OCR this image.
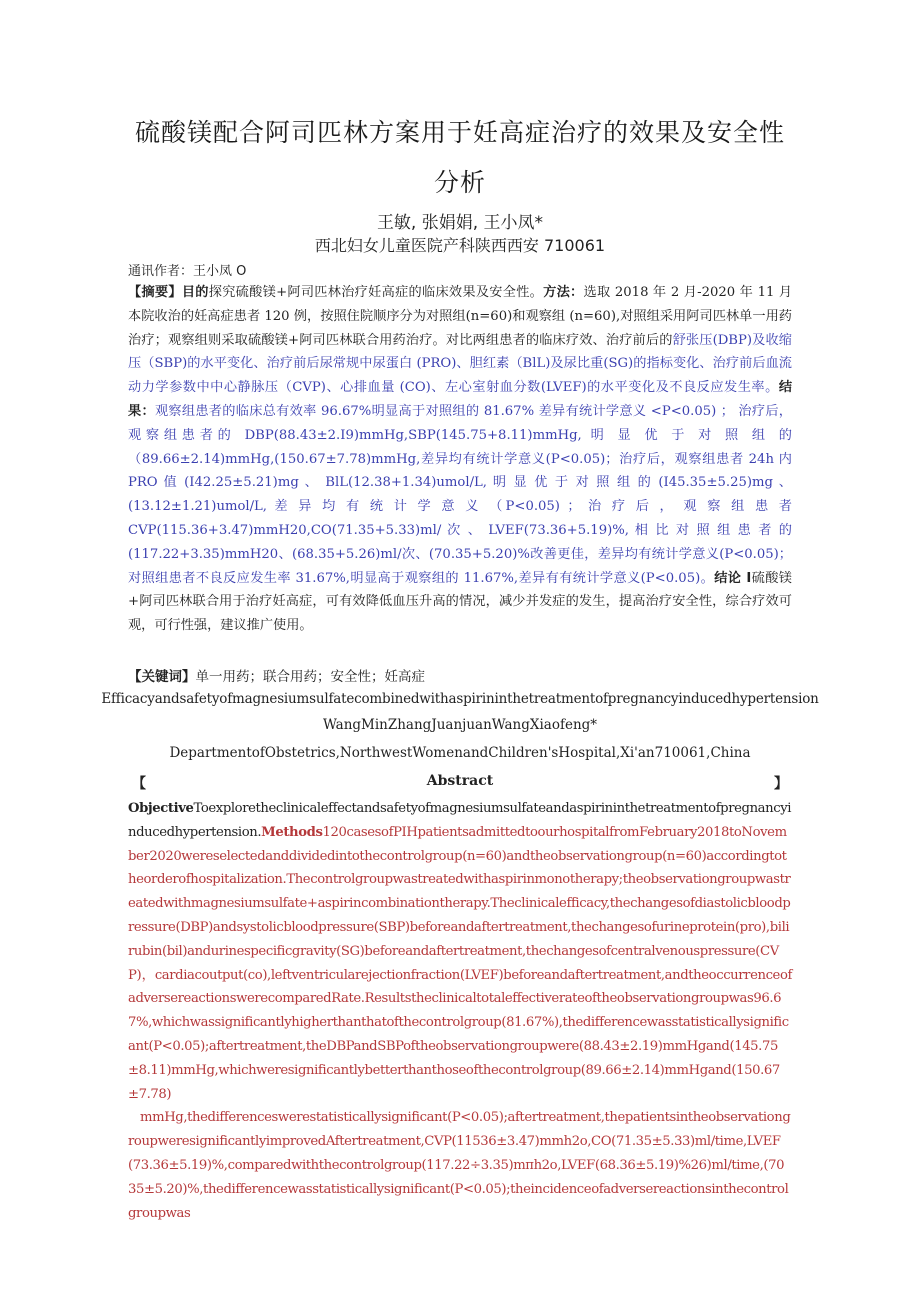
硫酸镁配合阿司匹林方案用于妊高症治疗的效果及安全性
分析
王敏, 张娟娟, 王小凤*
西北妇女儿童医院产科陕西西安 710061
通讯作者：王小凤 O
【摘要】目的探究硫酸镁+阿司匹林治疗妊高症的临床效果及安全性。方法：选取 2018 年 2 月-2020 年 11 月本院收治的妊高症患者 120 例，按照住院顺序分为对照组(n=60)和观察组 (n=60),对照组采用阿司匹林单一用药治疗；观察组则采取硫酸镁+阿司匹林联合用药治疗。对比两组患者的临床疗效、治疗前后的舒张压(DBP)及收缩压（SBP)的水平变化、治疗前后尿常规中尿蛋白 (PRO)、胆红素（BlL)及尿比重(SG)的指标变化、治疗前后血流动力学参数中中心静脉压（CVP)、心排血量 (CO)、左心室射血分数(LVEF)的水平变化及不良反应发生率。结果：观察组患者的临床总有效率 96.67%明显高于对照组的 81.67% 差异有统计学意义 <P<0.05) ； 治疗后，观察组患者的 DBP(88.43±2.I9)mmHg,SBP(145.75+8.11)mmHg, 明 显 优 于 对 照 组 的 （89.66±2.14)mmHg,(150.67±7.78)mmHg,差异均有统计学意义(P<0.05)；治疗后，观察组患者 24h 内 PRO 值 (I42.25±5.21)mg 、 BlL(12.38+1.34)umol∕L, 明 显 优 于 对 照 组 的 (I45.35±5.25)mg 、(13.12±1.21)umol∕L, 差 异 均 有 统 计 学 意 义 （P<0.05) ； 治 疗 后 ， 观 察 组 患 者 CVP(115.36+3.47)mmH20,CO(71.35+5.33)ml/ 次 、 LVEF(73.36+5.19)%, 相 比 对 照 组 患 者 的 (117.22+3.35)mmH20、(68.35+5.26)ml/次、(70.35+5.20)%改善更佳，差异均有统计学意义(P<0.05)；对照组患者不良反应发生率 31.67%,明显高于观察组的 11.67%,差异有有统计学意义(P<0.05)。结论 I硫酸镁+阿司匹林联合用于治疗妊高症，可有效降低血压升高的情况，减少并发症的发生，提高治疗安全性，综合疗效可观，可行性强，建议推广使用。
【关键词】单一用药；联合用药；安全性；妊高症
Efficacyandsafetyofmagnesiumsulfatecombinedwithaspirininthetreatmentofpregnancyinducedhypertension
WangMinZhangJuanjuanWangXiaofeng*
DepartmentofObstetrics,NorthwestWomenandChildren'sHospital,Xi'an710061,China
【	Abstract	】
ObjectiveToexploretheclinicaleffectandsafetyofmagnesiumsulfateandaspirininthetreatmentofpregnancyinducedhypertension.Methods120casesofPIHpatientsadmittedtoourhospitalfromFebruary2018toNovember2020wereselectedanddividedintothecontrolgroup(n=60)andtheobservationgroup(n=60)accordingtotheorderofhospitalization.Thecontrolgroupwastreatedwithaspirinmonotherapy;theobservationgroupwastreatedwithmagnesiumsulfate+aspirincombinationtherapy.Theclinicalefficacy,thechangesofdiastolicbloodpressure(DBP)andsystolicbloodpressure(SBP)beforeandaftertreatment,thechangesofurineprotein(pro),bilirubin(bil)andurinespecificgravity(SG)beforeandaftertreatment,thechangesofcentralvenouspressure(CVP)，cardiacoutput(co),leftventricularejectionfraction(LVEF)beforeandaftertreatment,andtheoccurrenceofadversereactionswerecomparedRate.Resultstheclinicaltotaleffectiverateoftheobservationgroupwas96.67%,whichwassignificantlyhigherthanthatofthecontrolgroup(81.67%),thedifferencewasstatisticallysignificant(P<0.05);aftertreatment,theDBPandSBPoftheobservationgroupwere(88.43±2.19)mmHgand(145.75±8.11)mmHg,whichweresignificantlybetterthanthoseofthecontrolgroup(89.66±2.14)mmHgand(150.67±7.78)
mmHg,thedifferenceswerestatisticallysignificant(P<0.05);aftertreatment,thepatientsintheobservationgroupweresignificantlyimprovedAftertreatment,CVP(11536±3.47)mmh2o,CO(71.35±5.33)ml/time,LVEF(73.36±5.19)%,comparedwiththecontrolgroup(117.22÷3.35)mπh2o,LVEF(68.36±5.19)%26)ml/time,(7035±5.20)%,thedifferencewasstatisticallysignificant(P<0.05);theincidenceofadversereactionsinthecontrolgroupwas
